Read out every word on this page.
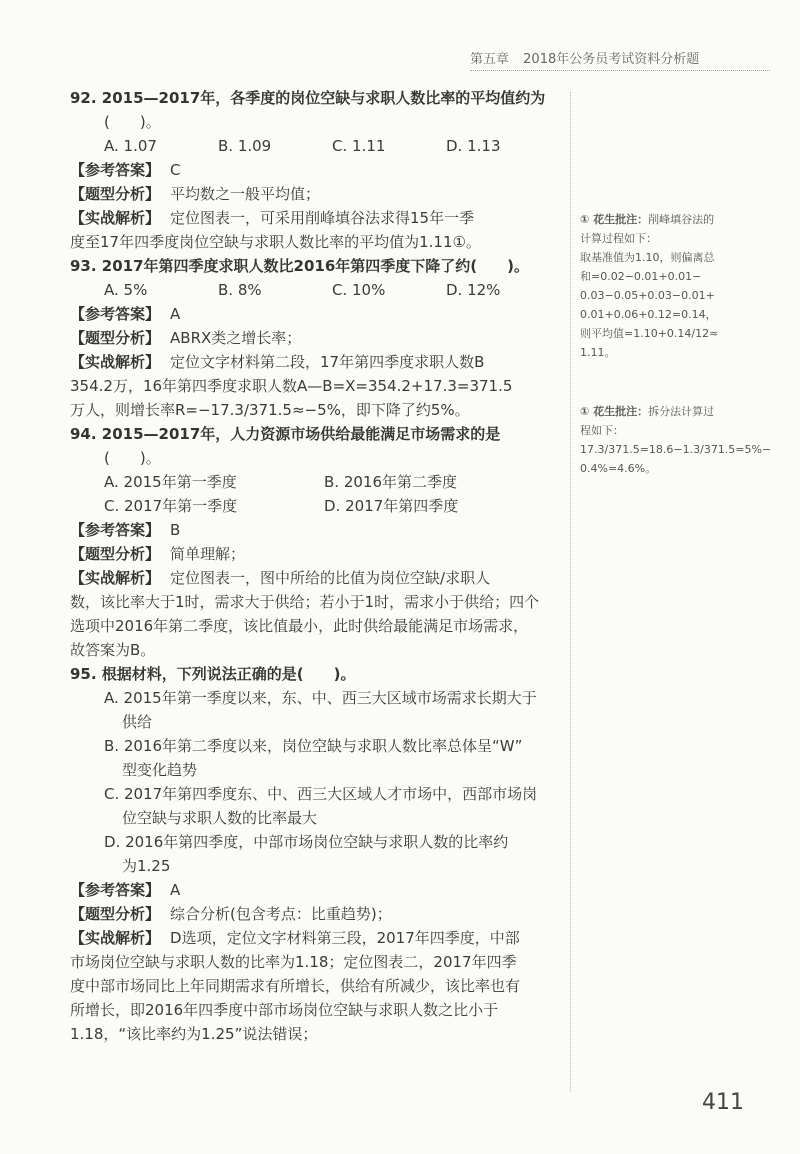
第五章 2018年公务员考试资料分析题

92. 2015—2017年，各季度的岗位空缺与求职人数比率的平均值约为

(　　)。

A. 1.07	B. 1.09	C. 1.11	D. 1.13

【参考答案】 C

【题型分析】 平均数之一般平均值；

【实战解析】 定位图表一，可采用削峰填谷法求得15年一季

度至17年四季度岗位空缺与求职人数比率的平均值为1.11①。

93. 2017年第四季度求职人数比2016年第四季度下降了约(　　)。

A. 5%	B. 8%	C. 10%	D. 12%

【参考答案】 A

【题型分析】 ABRX类之增长率；

【实战解析】 定位文字材料第二段，17年第四季度求职人数B

354.2万，16年第四季度求职人数A—B=X=354.2+17.3=371.5

万人，则增长率R=−17.3/371.5≈−5%，即下降了约5%。

94. 2015—2017年，人力资源市场供给最能满足市场需求的是

(　　)。

A. 2015年第一季度	B. 2016年第二季度
C. 2017年第一季度	D. 2017年第四季度

【参考答案】 B

【题型分析】 简单理解；

【实战解析】 定位图表一，图中所给的比值为岗位空缺/求职人

数，该比率大于1时，需求大于供给；若小于1时，需求小于供给；四个

选项中2016年第二季度，该比值最小，此时供给最能满足市场需求，

故答案为B。

95. 根据材料，下列说法正确的是(　　)。

A. 2015年第一季度以来，东、中、西三大区域市场需求长期大于

供给

B. 2016年第二季度以来，岗位空缺与求职人数比率总体呈“W”

型变化趋势

C. 2017年第四季度东、中、西三大区域人才市场中，西部市场岗

位空缺与求职人数的比率最大

D. 2016年第四季度，中部市场岗位空缺与求职人数的比率约

为1.25

【参考答案】 A

【题型分析】 综合分析(包含考点：比重趋势)；

【实战解析】 D选项，定位文字材料第三段，2017年四季度，中部

市场岗位空缺与求职人数的比率为1.18；定位图表二，2017年四季

度中部市场同比上年同期需求有所增长，供给有所减少，该比率也有

所增长，即2016年四季度中部市场岗位空缺与求职人数之比小于

1.18，“该比率约为1.25”说法错误；

① 花生批注：削峰填谷法的
计算过程如下：
取基准值为1.10，则偏离总
和=0.02−0.01+0.01−
0.03−0.05+0.03−0.01+
0.01+0.06+0.12=0.14，
则平均值=1.10+0.14/12≈
1.11。
① 花生批注：拆分法计算过
程如下：
17.3/371.5=18.6−1.3/371.5=5%−
0.4%=4.6%。
411
